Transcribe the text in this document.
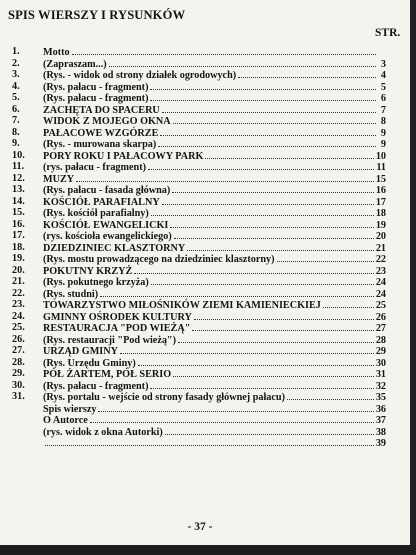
SPIS WIERSZY I RYSUNKÓW
STR.
1. Motto
2. (Zapraszam...)	3
3. (Rys. - widok od strony działek ogrodowych)	4
4. (Rys. pałacu - fragment)	5
5. (Rys. pałacu - fragment)	6
6. ZACHĘTA DO SPACERU	7
7. WIDOK Z MOJEGO OKNA	8
8. PAŁACOWE WZGÓRZE	9
9. (Rys. - murowana skarpa)	9
10. PORY ROKU I PAŁACOWY PARK	10
11. (rys. pałacu - fragment)	11
12. MUZY	15
13. (Rys. pałacu - fasada główna)	16
14. KOŚCIÓŁ PARAFIALNY	17
15. (Rys. kościół parafialny)	18
16. KOŚCIÓŁ EWANGELICKI	19
17. (rys. kościoła ewangelickiego)	20
18. DZIEDZINIEC KLASZTORNY	21
19. (Rys. mostu prowadzącego na dziedziniec klasztorny)	22
20. POKUTNY KRZYŻ	23
21. (Rys. pokutnego krzyża)	24
22. (Rys. studni)	24
23. TOWARZYSTWO MIŁOŚNIKÓW ZIEMI KAMIENIECKIEJ	25
24. GMINNY OŚRODEK KULTURY	26
25. RESTAURACJA "POD WIEŻĄ"	27
26. (Rys. restauracji "Pod wieżą")	28
27. URZĄD GMINY	29
28. (Rys. Urzędu Gminy)	30
29. PÓŁ ŻARTEM, PÓŁ SERIO	31
30. (Rys. pałacu - fragment)	32
31. (Rys. portalu - wejście od strony fasady głównej pałacu)	35
Spis wierszy	36
O Autorce	37
(rys. widok z okna Autorki)	38
39
- 37 -
